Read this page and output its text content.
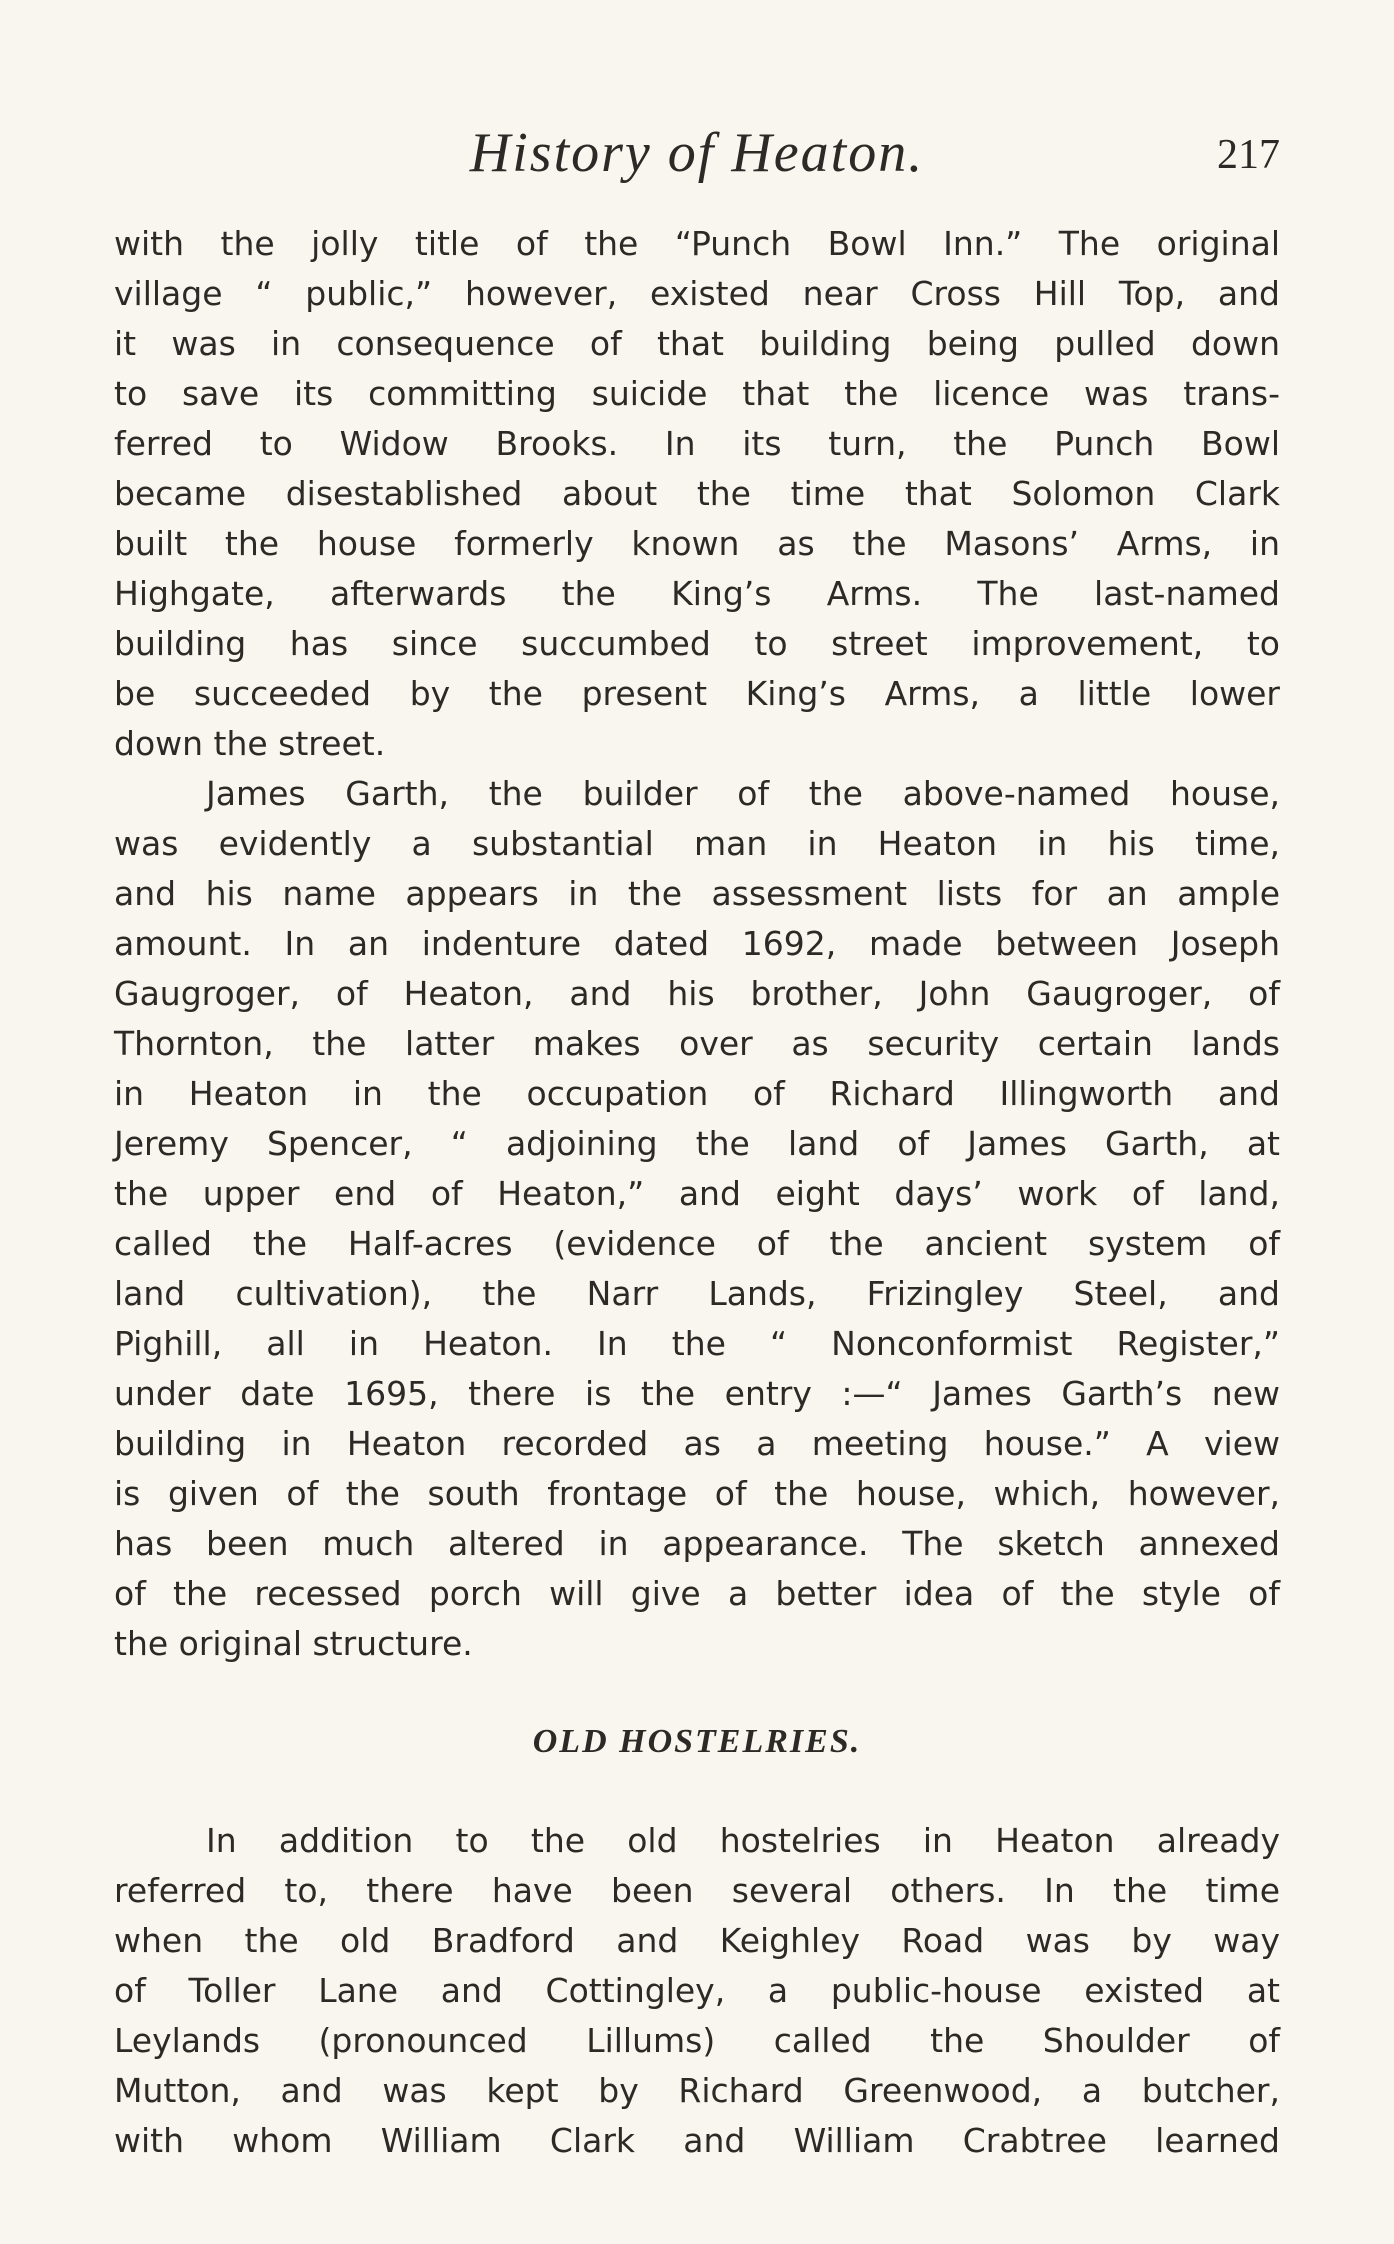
History of Heaton.	217

with the jolly title of the “Punch Bowl Inn.” The original
village “ public,” however, existed near Cross Hill Top, and
it was in consequence of that building being pulled down
to save its committing suicide that the licence was trans-
ferred to Widow Brooks. In its turn, the Punch Bowl
became disestablished about the time that Solomon Clark
built the house formerly known as the Masons’ Arms, in
Highgate, afterwards the King’s Arms. The last-named
building has since succumbed to street improvement, to
be succeeded by the present King’s Arms, a little lower
down the street.

James Garth, the builder of the above-named house,
was evidently a substantial man in Heaton in his time,
and his name appears in the assessment lists for an ample
amount. In an indenture dated 1692, made between Joseph
Gaugroger, of Heaton, and his brother, John Gaugroger, of
Thornton, the latter makes over as security certain lands
in Heaton in the occupation of Richard Illingworth and
Jeremy Spencer, “ adjoining the land of James Garth, at
the upper end of Heaton,” and eight days’ work of land,
called the Half-acres (evidence of the ancient system of
land cultivation), the Narr Lands, Frizingley Steel, and
Pighill, all in Heaton. In the “ Nonconformist Register,”
under date 1695, there is the entry :—“ James Garth’s new
building in Heaton recorded as a meeting house.” A view
is given of the south frontage of the house, which, however,
has been much altered in appearance. The sketch annexed
of the recessed porch will give a better idea of the style of
the original structure.

OLD HOSTELRIES.

In addition to the old hostelries in Heaton already
referred to, there have been several others. In the time
when the old Bradford and Keighley Road was by way
of Toller Lane and Cottingley, a public-house existed at
Leylands (pronounced Lillums) called the Shoulder of
Mutton, and was kept by Richard Greenwood, a butcher,
with whom William Clark and William Crabtree learned
